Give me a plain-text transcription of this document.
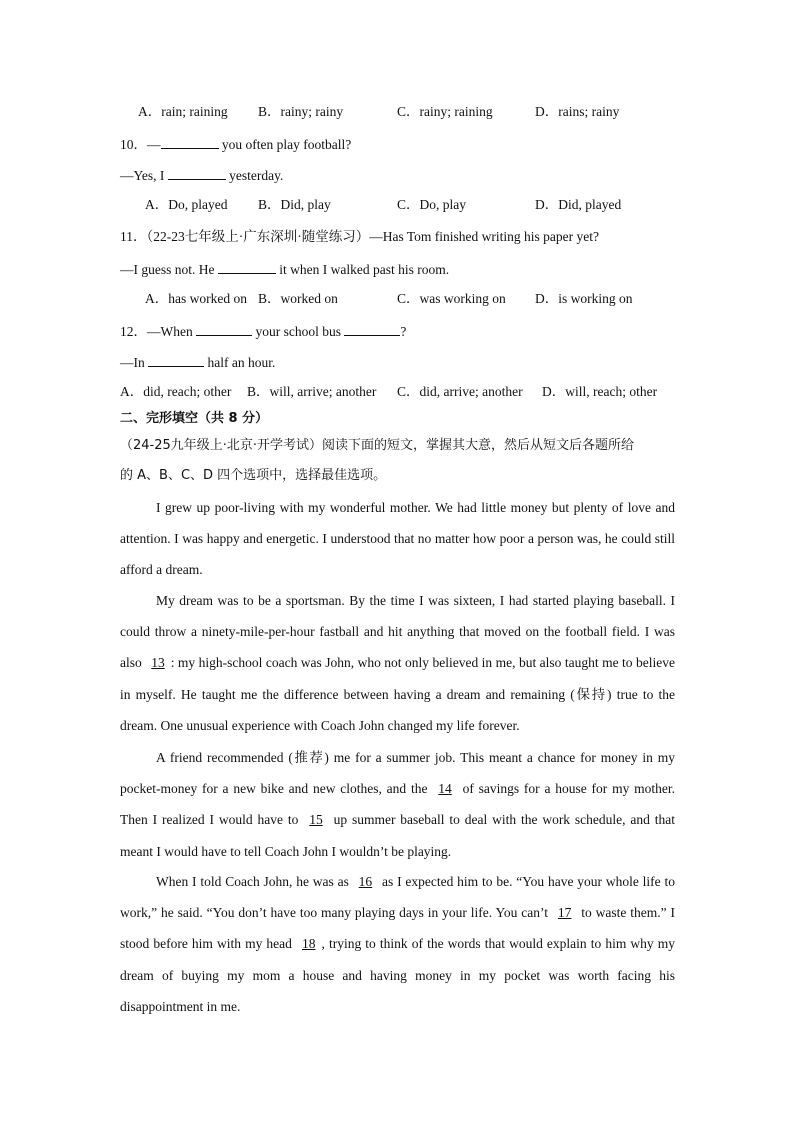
A．rain; raining B．rainy; rainy	C．rainy; raining	D．rains; rainy
10．—	you often play football?
—Yes, I	yesterday.
A．Do, played B．Did, play	C．Do, play	D．Did, played
11．（22-23七年级上·广东深圳·随堂练习）—Has Tom finished writing his paper yet?
—I guess not. He	it when I walked past his room.
A．has worked on B．worked on	C．was working on D．is working on
12．—When	your school bus	?
—In	half an hour.
A．did, reach; other B．will, arrive; another C．did, arrive; another D．will, reach; other
二、完形填空（共 8 分）
（24-25九年级上·北京·开学考试）阅读下面的短文，掌握其大意，然后从短文后各题所给
的 A、B、C、D 四个选项中，选择最佳选项。
I grew up poor-living with my wonderful mother. We had little money but plenty of love and attention. I was happy and energetic. I understood that no matter how poor a person was, he could still afford a dream.
My dream was to be a sportsman. By the time I was sixteen, I had started playing baseball. I could throw a ninety-mile-per-hour fastball and hit anything that moved on the football field. I was also 13 : my high-school coach was John, who not only believed in me, but also taught me to believe in myself. He taught me the difference between having a dream and remaining (保持) true to the dream. One unusual experience with Coach John changed my life forever.
A friend recommended (推荐) me for a summer job. This meant a chance for money in my pocket-money for a new bike and new clothes, and the 14 of savings for a house for my mother. Then I realized I would have to 15 up summer baseball to deal with the work schedule, and that meant I would have to tell Coach John I wouldn’t be playing.
When I told Coach John, he was as 16 as I expected him to be. “You have your whole life to work,” he said. “You don’t have too many playing days in your life. You can’t 17 to waste them.” I stood before him with my head 18 , trying to think of the words that would explain to him why my dream of buying my mom a house and having money in my pocket was worth facing his disappointment in me.
